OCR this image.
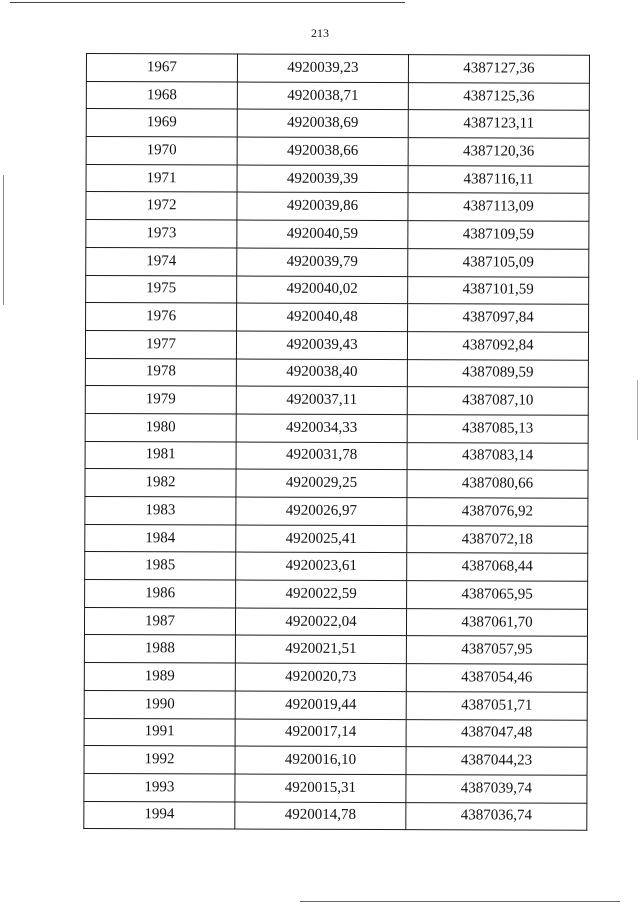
213
1967	4920039,23	4387127,36
1968	4920038,71	4387125,36
1969	4920038,69	4387123,11
1970	4920038,66	4387120,36
1971	4920039,39	4387116,11
1972	4920039,86	4387113,09
1973	4920040,59	4387109,59
1974	4920039,79	4387105,09
1975	4920040,02	4387101,59
1976	4920040,48	4387097,84
1977	4920039,43	4387092,84
1978	4920038,40	4387089,59
1979	4920037,11	4387087,10
1980	4920034,33	4387085,13
1981	4920031,78	4387083,14
1982	4920029,25	4387080,66
1983	4920026,97	4387076,92
1984	4920025,41	4387072,18
1985	4920023,61	4387068,44
1986	4920022,59	4387065,95
1987	4920022,04	4387061,70
1988	4920021,51	4387057,95
1989	4920020,73	4387054,46
1990	4920019,44	4387051,71
1991	4920017,14	4387047,48
1992	4920016,10	4387044,23
1993	4920015,31	4387039,74
1994	4920014,78	4387036,74
